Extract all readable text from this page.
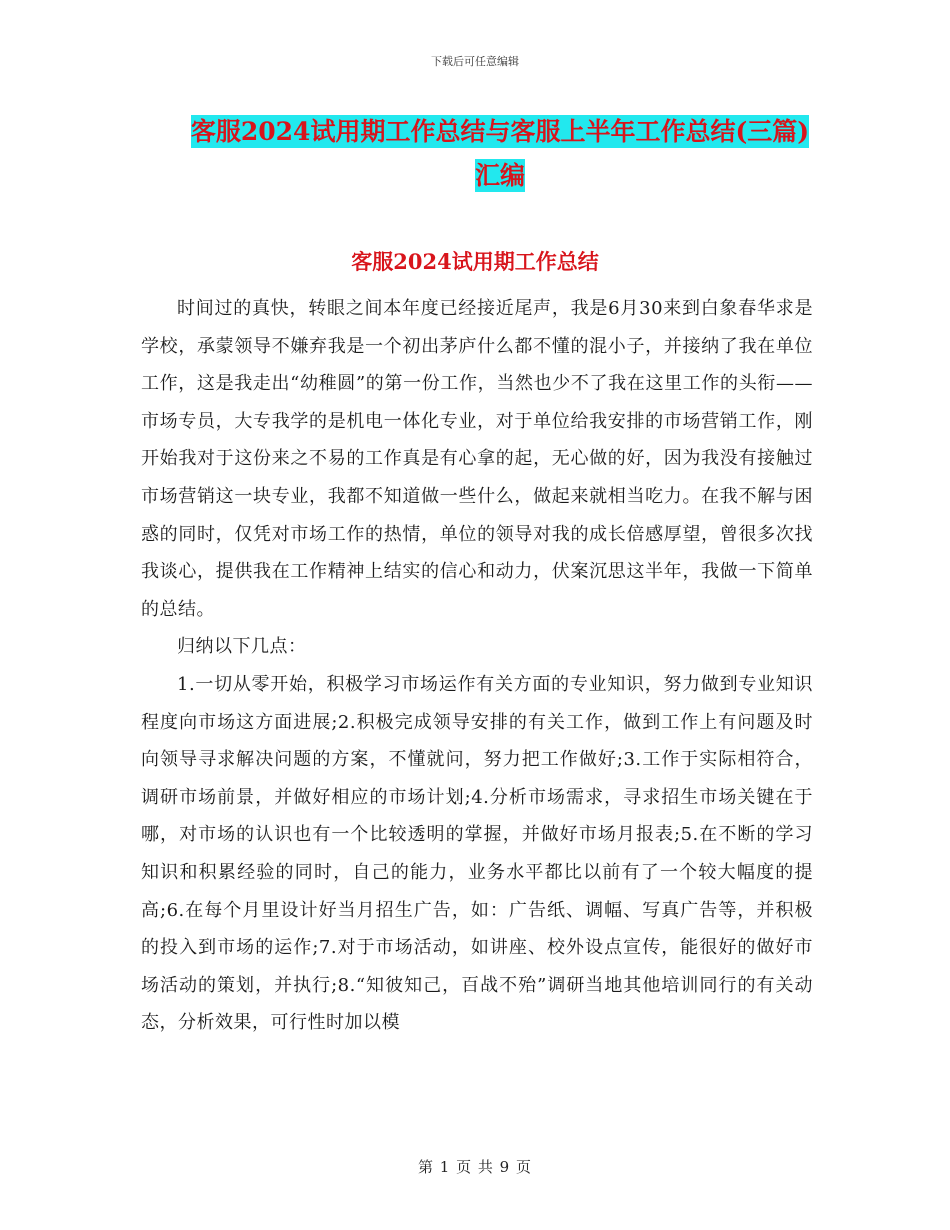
下载后可任意编辑
客服2024试用期工作总结与客服上半年工作总结(三篇)汇编
客服2024试用期工作总结

时间过的真快，转眼之间本年度已经接近尾声，我是6月30来到白象春华求是学校，承蒙领导不嫌弃我是一个初出茅庐什么都不懂的混小子，并接纳了我在单位工作，这是我走出“幼稚圆”的第一份工作，当然也少不了我在这里工作的头衔——市场专员，大专我学的是机电一体化专业，对于单位给我安排的市场营销工作，刚开始我对于这份来之不易的工作真是有心拿的起，无心做的好，因为我没有接触过市场营销这一块专业，我都不知道做一些什么，做起来就相当吃力。在我不解与困惑的同时，仅凭对市场工作的热情，单位的领导对我的成长倍感厚望，曾很多次找我谈心，提供我在工作精神上结实的信心和动力，伏案沉思这半年，我做一下简单的总结。

归纳以下几点：

1.一切从零开始，积极学习市场运作有关方面的专业知识，努力做到专业知识程度向市场这方面进展;2.积极完成领导安排的有关工作，做到工作上有问题及时向领导寻求解决问题的方案，不懂就问，努力把工作做好;3.工作于实际相符合，调研市场前景，并做好相应的市场计划;4.分析市场需求，寻求招生市场关键在于哪，对市场的认识也有一个比较透明的掌握，并做好市场月报表;5.在不断的学习知识和积累经验的同时，自己的能力，业务水平都比以前有了一个较大幅度的提高;6.在每个月里设计好当月招生广告，如：广告纸、调幅、写真广告等，并积极的投入到市场的运作;7.对于市场活动，如讲座、校外设点宣传，能很好的做好市场活动的策划，并执行;8.“知彼知己，百战不殆”调研当地其他培训同行的有关动态，分析效果，可行性时加以模

第 1 页 共 9 页
